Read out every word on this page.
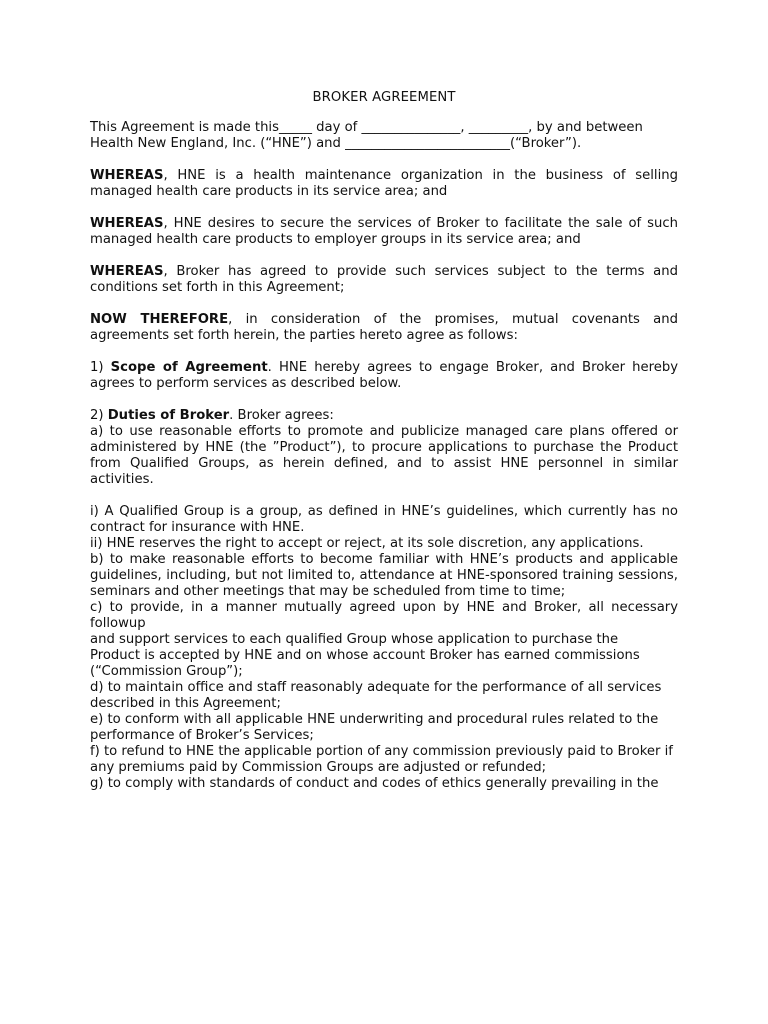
BROKER AGREEMENT

This Agreement is made this_____ day of _______________, _________, by and between

Health New England, Inc. (“HNE”) and _________________________(“Broker”).

WHEREAS, HNE is a health maintenance organization in the business of selling managed health care products in its service area; and

WHEREAS, HNE desires to secure the services of Broker to facilitate the sale of such managed health care products to employer groups in its service area; and

WHEREAS, Broker has agreed to provide such services subject to the terms and conditions set forth in this Agreement;

NOW THEREFORE, in consideration of the promises, mutual covenants and agreements set forth herein, the parties hereto agree as follows:

1) Scope of Agreement. HNE hereby agrees to engage Broker, and Broker hereby agrees to perform services as described below.

2) Duties of Broker. Broker agrees:

a) to use reasonable efforts to promote and publicize managed care plans offered or administered by HNE (the ”Product”), to procure applications to purchase the Product from Qualified Groups, as herein defined, and to assist HNE personnel in similar activities.

i) A Qualified Group is a group, as defined in HNE’s guidelines, which currently has no contract for insurance with HNE.

ii) HNE reserves the right to accept or reject, at its sole discretion, any applications.

b) to make reasonable efforts to become familiar with HNE’s products and applicable guidelines, including, but not limited to, attendance at HNE-sponsored training sessions, seminars and other meetings that may be scheduled from time to time;

c) to provide, in a manner mutually agreed upon by HNE and Broker, all necessary followup

and support services to each qualified Group whose application to purchase the

Product is accepted by HNE and on whose account Broker has earned commissions

(“Commission Group”);

d) to maintain office and staff reasonably adequate for the performance of all services

described in this Agreement;

e) to conform with all applicable HNE underwriting and procedural rules related to the

performance of Broker’s Services;

f) to refund to HNE the applicable portion of any commission previously paid to Broker if

any premiums paid by Commission Groups are adjusted or refunded;

g) to comply with standards of conduct and codes of ethics generally prevailing in the
